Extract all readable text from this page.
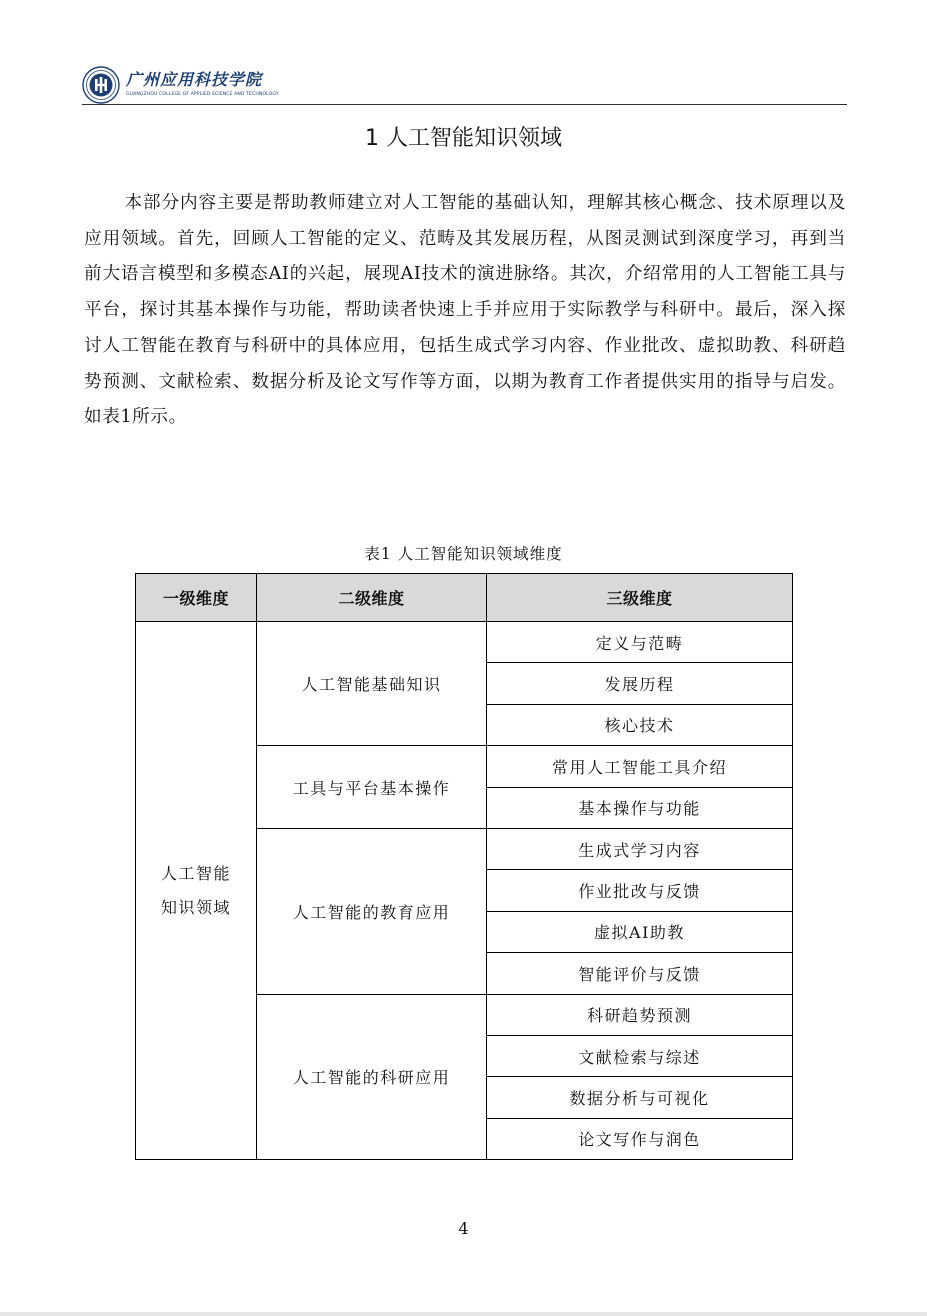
广州应用科技学院
GUANGZHOU COLLEGE OF APPLIED SCIENCE AND TECHNOLOGY
1 人工智能知识领域

本部分内容主要是帮助教师建立对人工智能的基础认知，理解其核心概念、技术原理以及应用领域。首先，回顾人工智能的定义、范畴及其发展历程，从图灵测试到深度学习，再到当前大语言模型和多模态AI的兴起，展现AI技术的演进脉络。其次，介绍常用的人工智能工具与平台，探讨其基本操作与功能，帮助读者快速上手并应用于实际教学与科研中。最后，深入探讨人工智能在教育与科研中的具体应用，包括生成式学习内容、作业批改、虚拟助教、科研趋势预测、文献检索、数据分析及论文写作等方面，以期为教育工作者提供实用的指导与启发。如表1所示。

表1 人工智能知识领域维度
一级维度	二级维度	三级维度
人工智能
知识领域	人工智能基础知识	定义与范畴
		发展历程
		核心技术
	工具与平台基本操作	常用人工智能工具介绍
		基本操作与功能
	人工智能的教育应用	生成式学习内容
		作业批改与反馈
		虚拟AI助教
		智能评价与反馈
	人工智能的科研应用	科研趋势预测
		文献检索与综述
		数据分析与可视化
		论文写作与润色
4
